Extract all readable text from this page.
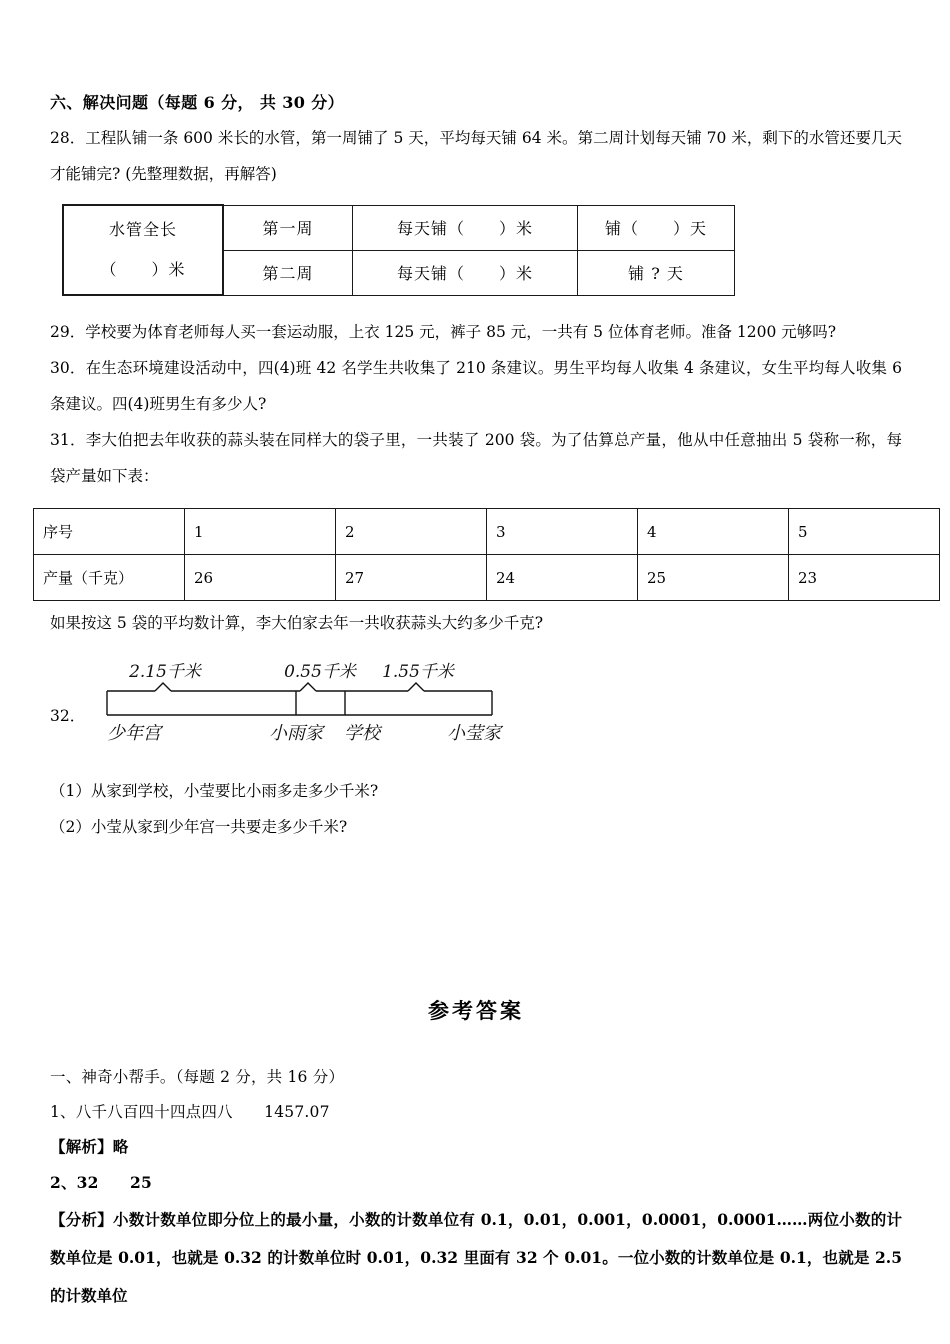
六、解决问题（每题 6 分， 共 30 分）
28．工程队铺一条 600 米长的水管，第一周铺了 5 天，平均每天铺 64 米。第二周计划每天铺 70 米，剩下的水管还要几天才能铺完? (先整理数据，再解答)
水管全长
（　　）米	第一周	每天铺（　　）米	铺（　　）天
	第二周	每天铺（　　）米	铺 ? 天
29．学校要为体育老师每人买一套运动服，上衣 125 元，裤子 85 元，一共有 5 位体育老师。准备 1200 元够吗?
30．在生态环境建设活动中，四(4)班 42 名学生共收集了 210 条建议。男生平均每人收集 4 条建议，女生平均每人收集 6 条建议。四(4)班男生有多少人?
31．李大伯把去年收获的蒜头装在同样大的袋子里，一共装了 200 袋。为了估算总产量，他从中任意抽出 5 袋称一称，每袋产量如下表：
序号	1	2	3	4	5
产量（千克）	26	27	24	25	23
如果按这 5 袋的平均数计算，李大伯家去年一共收获蒜头大约多少千克?
32．
2.15千米	0.55千米 1.55千米
少年宫	小雨家 学校	小莹家
（1）从家到学校，小莹要比小雨多走多少千米?
（2）小莹从家到少年宫一共要走多少千米?
参考答案
一、神奇小帮手。（每题 2 分，共 16 分）
1、八千八百四十四点四八　　1457.07
【解析】略
2、32　　25
【分析】小数计数单位即分位上的最小量，小数的计数单位有 0.1，0.01，0.001，0.0001，0.0001……两位小数的计数单位是 0.01，也就是 0.32 的计数单位时 0.01，0.32 里面有 32 个 0.01。一位小数的计数单位是 0.1，也就是 2.5 的计数单位
